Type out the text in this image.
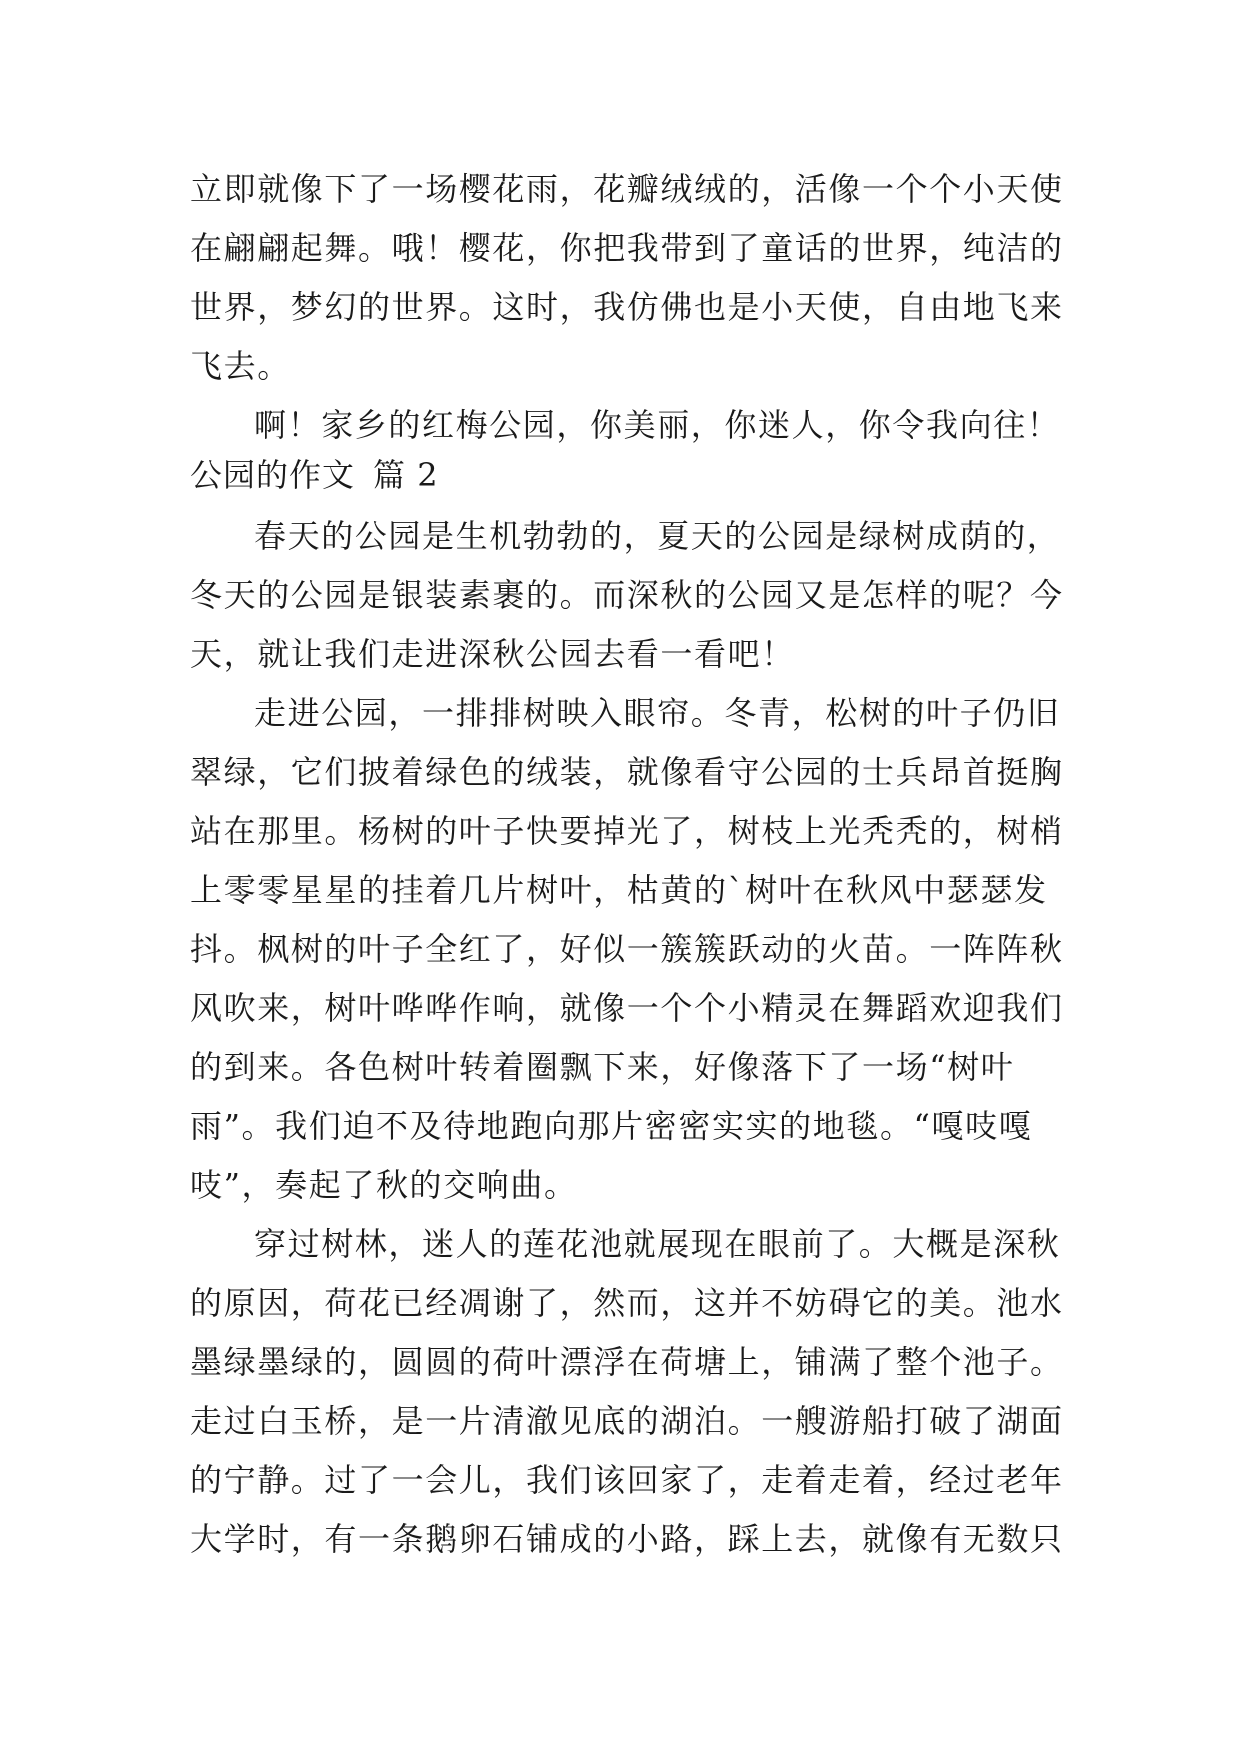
立即就像下了一场樱花雨，花瓣绒绒的，活像一个个小天使
在翩翩起舞。哦！樱花，你把我带到了童话的世界，纯洁的
世界，梦幻的世界。这时，我仿佛也是小天使，自由地飞来
飞去。
啊！家乡的红梅公园，你美丽，你迷人，你令我向往！
公园的作文 篇 2
春天的公园是生机勃勃的，夏天的公园是绿树成荫的，
冬天的公园是银装素裹的。而深秋的公园又是怎样的呢？今
天，就让我们走进深秋公园去看一看吧！
走进公园，一排排树映入眼帘。冬青，松树的叶子仍旧
翠绿，它们披着绿色的绒装，就像看守公园的士兵昂首挺胸
站在那里。杨树的叶子快要掉光了，树枝上光秃秃的，树梢
上零零星星的挂着几片树叶，枯黄的`树叶在秋风中瑟瑟发
抖。枫树的叶子全红了，好似一簇簇跃动的火苗。一阵阵秋
风吹来，树叶哗哗作响，就像一个个小精灵在舞蹈欢迎我们
的到来。各色树叶转着圈飘下来，好像落下了一场“树叶
雨”。我们迫不及待地跑向那片密密实实的地毯。“嘎吱嘎
吱”，奏起了秋的交响曲。
穿过树林，迷人的莲花池就展现在眼前了。大概是深秋
的原因，荷花已经凋谢了，然而，这并不妨碍它的美。池水
墨绿墨绿的，圆圆的荷叶漂浮在荷塘上，铺满了整个池子。
走过白玉桥，是一片清澈见底的湖泊。一艘游船打破了湖面
的宁静。过了一会儿，我们该回家了，走着走着，经过老年
大学时，有一条鹅卵石铺成的小路，踩上去，就像有无数只
